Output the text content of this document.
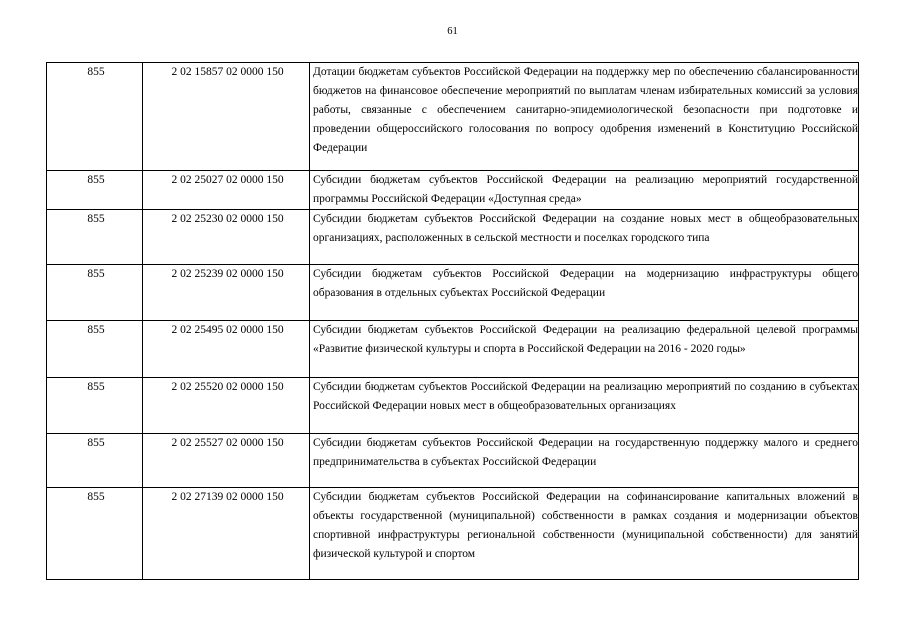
61
855	2 02 15857 02 0000 150	Дотации бюджетам субъектов Российской Федерации на поддержку мер по обеспечению сбалансированности бюджетов на финансовое обеспечение мероприятий по выплатам членам избирательных комиссий за условия работы, связанные с обеспечением санитарно-эпидемиологической безопасности при подготовке и проведении общероссийского голосования по вопросу одобрения изменений в Конституцию Российской Федерации
855	2 02 25027 02 0000 150	Субсидии бюджетам субъектов Российской Федерации на реализацию мероприятий государственной программы Российской Федерации «Доступная среда»
855	2 02 25230 02 0000 150	Субсидии бюджетам субъектов Российской Федерации на создание новых мест в общеобразовательных организациях, расположенных в сельской местности и поселках городского типа
855	2 02 25239 02 0000 150	Субсидии бюджетам субъектов Российской Федерации на модернизацию инфраструктуры общего образования в отдельных субъектах Российской Федерации
855	2 02 25495 02 0000 150	Субсидии бюджетам субъектов Российской Федерации на реализацию федеральной целевой программы «Развитие физической культуры и спорта в Российской Федерации на 2016 - 2020 годы»
855	2 02 25520 02 0000 150	Субсидии бюджетам субъектов Российской Федерации на реализацию мероприятий по созданию в субъектах Российской Федерации новых мест в общеобразовательных организациях
855	2 02 25527 02 0000 150	Субсидии бюджетам субъектов Российской Федерации на государственную поддержку малого и среднего предпринимательства в субъектах Российской Федерации
855	2 02 27139 02 0000 150	Субсидии бюджетам субъектов Российской Федерации на софинансирование капитальных вложений в объекты государственной (муниципальной) собственности в рамках создания и модернизации объектов спортивной инфраструктуры региональной собственности (муниципальной собственности) для занятий физической культурой и спортом
